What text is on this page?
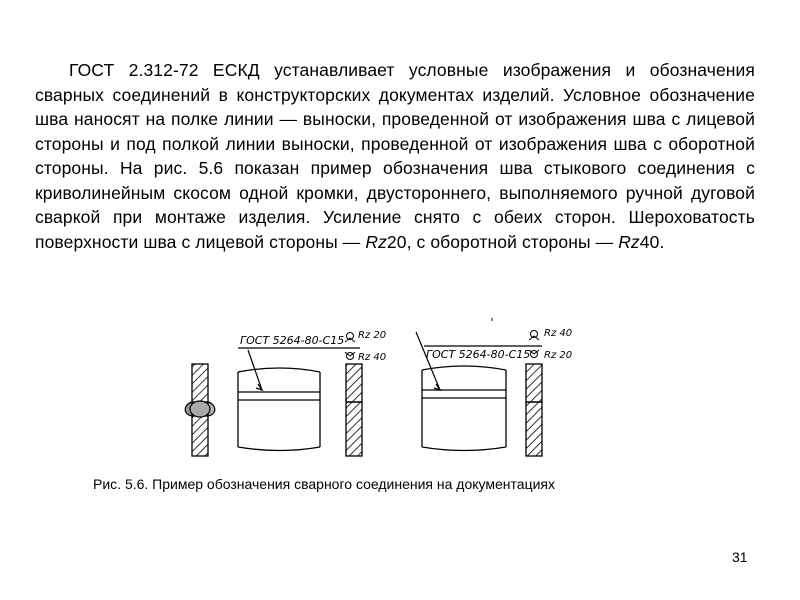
ГОСТ 2.312-72 ЕСКД устанавливает условные изображения и обозначения сварных соединений в конструкторских документах изделий. Условное обозначение шва наносят на полке линии — выноски, проведенной от изображения шва с лицевой стороны и под полкой линии выноски, проведенной от изображения шва с оборотной стороны. На рис. 5.6 показан пример обозначения шва стыкового соединения с криволинейным скосом одной кромки, двустороннего, выполняемого ручной дуговой сваркой при монтаже изделия. Усиление снято с обеих сторон. Шероховатость поверхности шва с лицевой стороны — Rz20, с оборотной стороны — Rz40.
ГОСТ 5264-80-С15 Rz 20
Rz 40	ГОСТ 5264-80-С15
Rz 40
Rz 20
Рис. 5.6. Пример обозначения сварного соединения на документациях
31
